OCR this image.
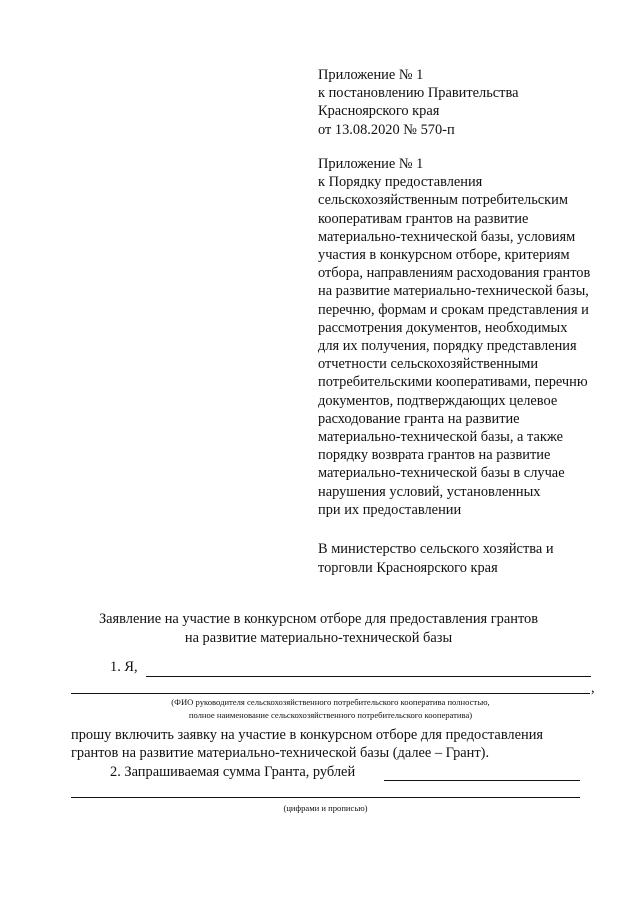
Приложение № 1
к постановлению Правительства
Красноярского края
от 13.08.2020 № 570-п
Приложение № 1
к Порядку предоставления
сельскохозяйственным потребительским
кооперативам грантов на развитие
материально-технической базы, условиям
участия в конкурсном отборе, критериям
отбора, направлениям расходования грантов
на развитие материально-технической базы,
перечню, формам и срокам представления и
рассмотрения документов, необходимых
для их получения, порядку представления
отчетности сельскохозяйственными
потребительскими кооперативами, перечню
документов, подтверждающих целевое
расходование гранта на развитие
материально-технической базы, а также
порядку возврата грантов на развитие
материально-технической базы в случае
нарушения условий, установленных
при их предоставлении
В министерство сельского хозяйства и
торговли Красноярского края
Заявление на участие в конкурсном отборе для предоставления грантов
на развитие материально-технической базы
1. Я,
,
(ФИО руководителя сельскохозяйственного потребительского кооператива полностью,
полное наименование сельскохозяйственного потребительского кооператива)
прошу включить заявку на участие в конкурсном отборе для предоставления
грантов на развитие материально-технической базы (далее – Грант).
2. Запрашиваемая сумма Гранта, рублей
(цифрами и прописью)
